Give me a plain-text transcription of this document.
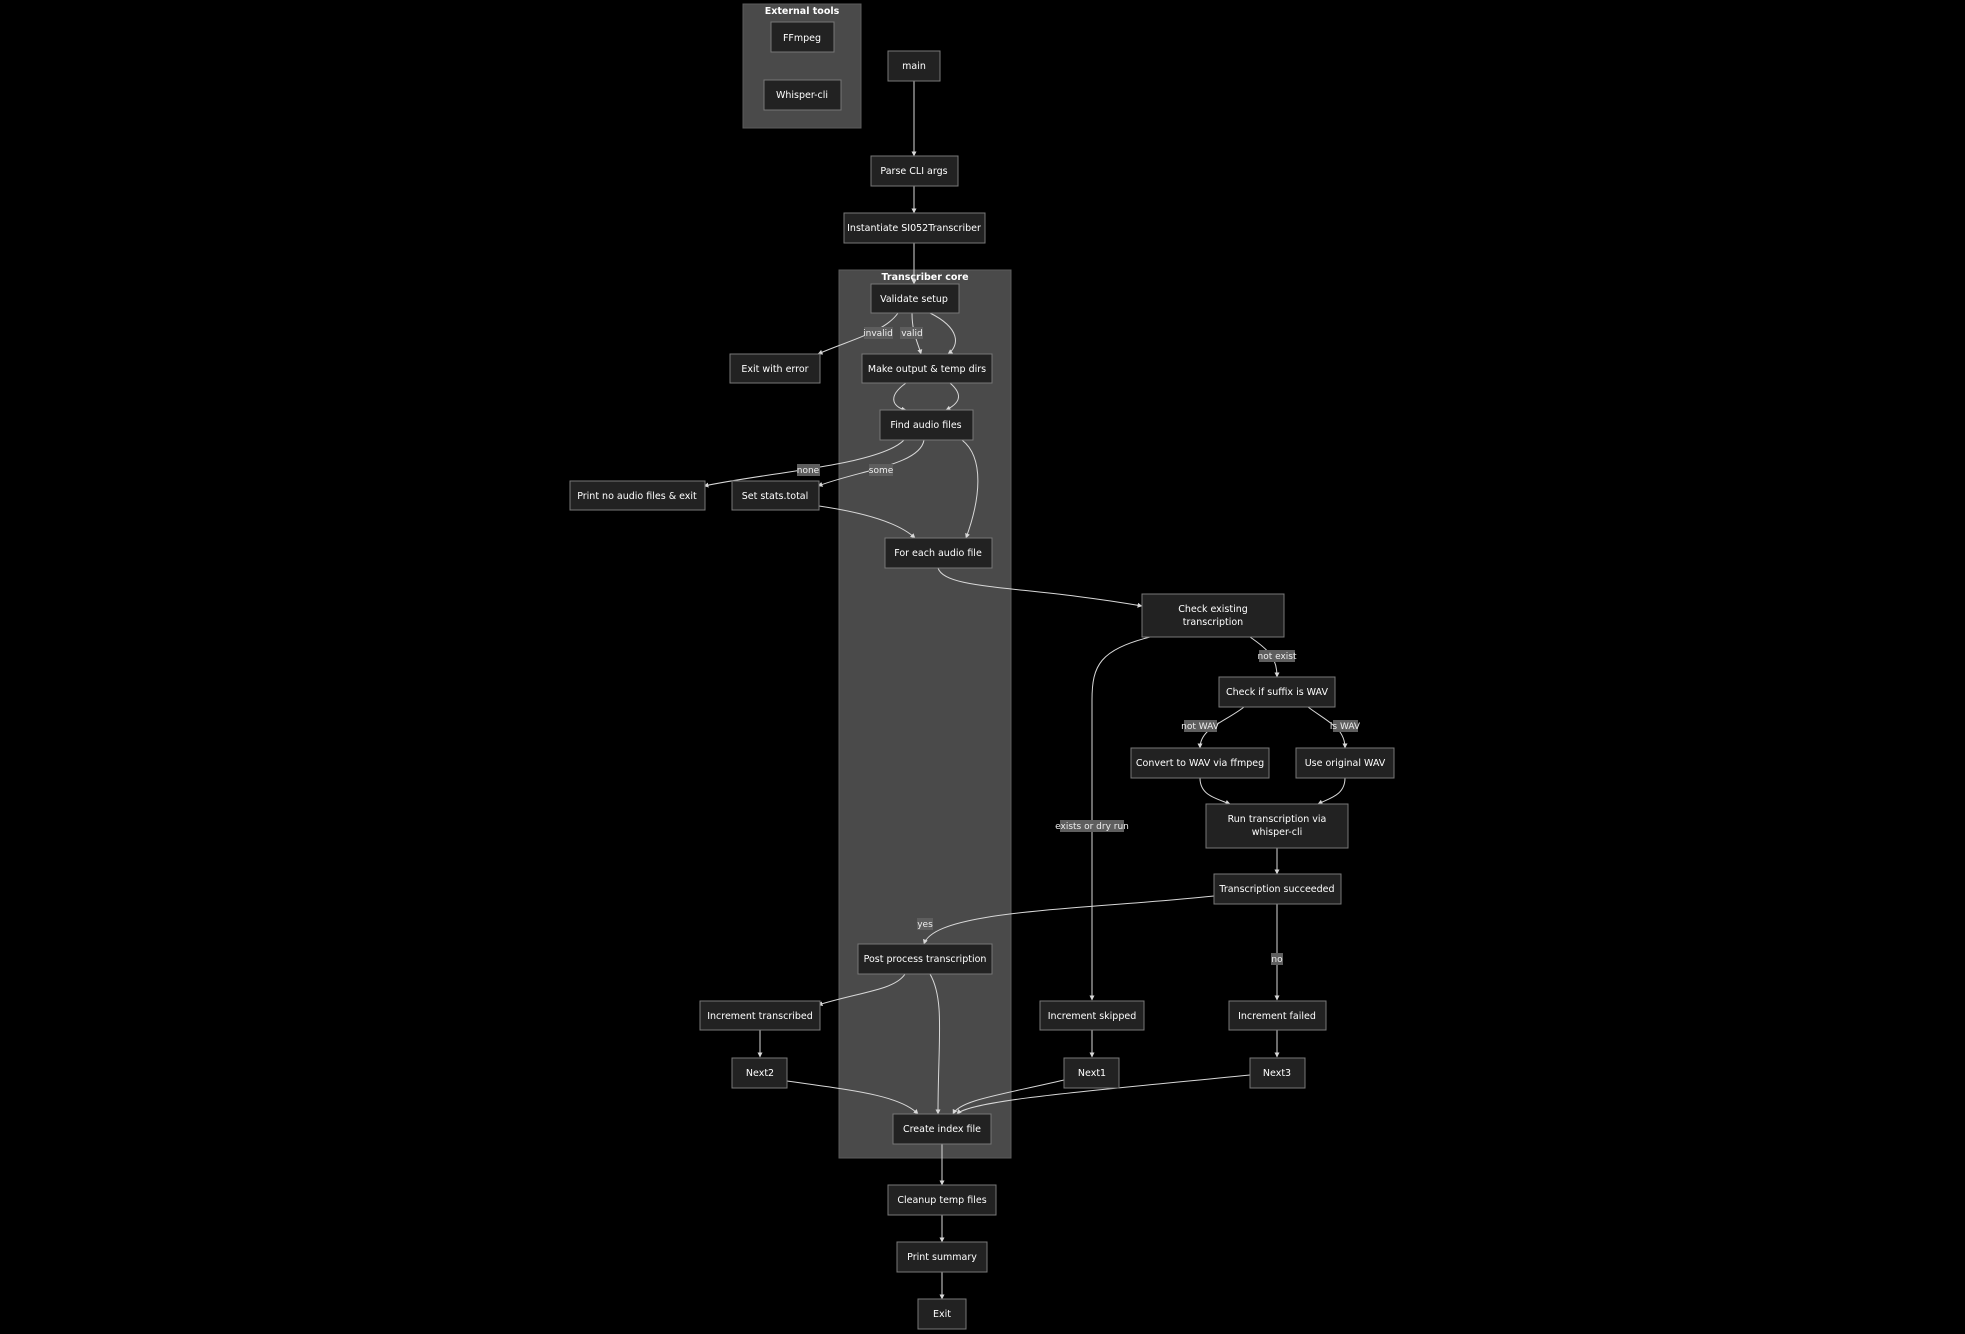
External tools
Transcriber core
FFmpeg
Whisper-cli
main
Parse CLI args
Instantiate SI052Transcriber
Validate setup
Exit with error	Make output & temp dirs
Find audio files
Print no audio files & exit	Set stats.total
For each audio file
Check existing
transcription
Check if suffix is WAV
Convert to WAV via ffmpeg	Use original WAV
Run transcription via
whisper-cli
Transcription succeeded
Post process transcription
Increment transcribed	Increment skipped	Increment failed
Next2	Next1	Next3
Create index file
Cleanup temp files
Print summary
Exit
invalid valid
none	some
not exist
exists or dry run
not WAV	is WAV
yes
no
